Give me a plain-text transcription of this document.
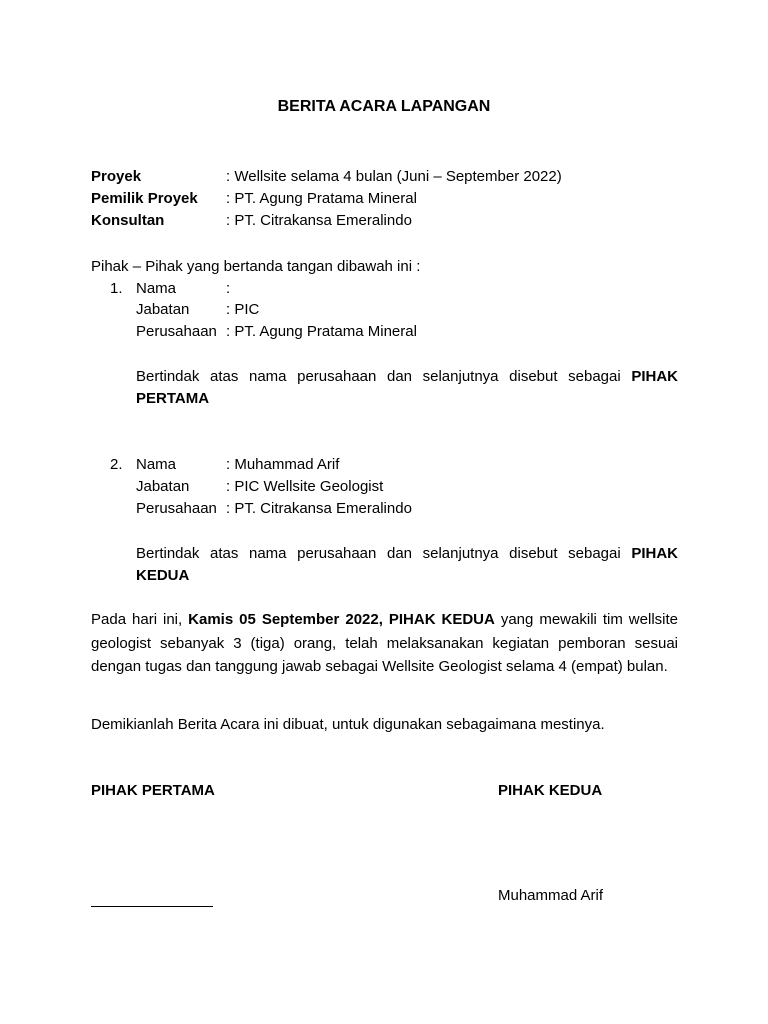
BERITA ACARA LAPANGAN
Proyek	: Wellsite selama 4 bulan (Juni – September 2022)
Pemilik Proyek : PT. Agung Pratama Mineral
Konsultan	: PT. Citrakansa Emeralindo
Pihak – Pihak yang bertanda tangan dibawah ini :
1. Nama	:
Jabatan : PIC
Perusahaan : PT. Agung Pratama Mineral
Bertindak atas nama perusahaan dan selanjutnya disebut sebagai PIHAK PERTAMA
2. Nama	: Muhammad Arif
Jabatan : PIC Wellsite Geologist
Perusahaan : PT. Citrakansa Emeralindo
Bertindak atas nama perusahaan dan selanjutnya disebut sebagai PIHAK KEDUA
Pada hari ini, Kamis 05 September 2022, PIHAK KEDUA yang mewakili tim wellsite geologist sebanyak 3 (tiga) orang, telah melaksanakan kegiatan pemboran sesuai dengan tugas dan tanggung jawab sebagai Wellsite Geologist selama 4 (empat) bulan.
Demikianlah Berita Acara ini dibuat, untuk digunakan sebagaimana mestinya.
PIHAK PERTAMA	PIHAK KEDUA
Muhammad Arif
